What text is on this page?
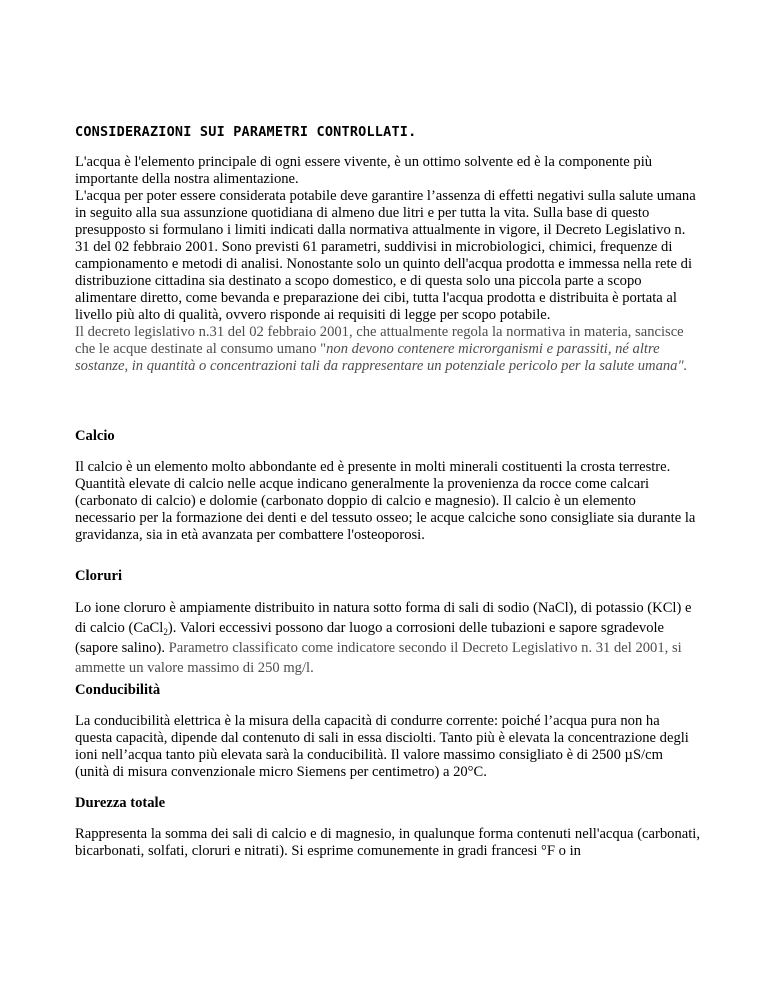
CONSIDERAZIONI SUI PARAMETRI CONTROLLATI.

L'acqua è l'elemento principale di ogni essere vivente, è un ottimo solvente ed è la componente più importante della nostra alimentazione.

L'acqua per poter essere considerata potabile deve garantire l’assenza di effetti negativi sulla salute umana in seguito alla sua assunzione quotidiana di almeno due litri e per tutta la vita. Sulla base di questo presupposto si formulano i limiti indicati dalla normativa attualmente in vigore, il Decreto Legislativo n. 31 del 02 febbraio 2001. Sono previsti 61 parametri, suddivisi in microbiologici, chimici, frequenze di campionamento e metodi di analisi. Nonostante solo un quinto dell'acqua prodotta e immessa nella rete di distribuzione cittadina sia destinato a scopo domestico, e di questa solo una piccola parte a scopo alimentare diretto, come bevanda e preparazione dei cibi, tutta l'acqua prodotta e distribuita è portata al livello più alto di qualità, ovvero risponde ai requisiti di legge per scopo potabile.

Il decreto legislativo n.31 del 02 febbraio 2001, che attualmente regola la normativa in materia, sancisce che le acque destinate al consumo umano "non devono contenere microrganismi e parassiti, né altre sostanze, in quantità o concentrazioni tali da rappresentare un potenziale pericolo per la salute umana".

Calcio

Il calcio è un elemento molto abbondante ed è presente in molti minerali costituenti la crosta terrestre. Quantità elevate di calcio nelle acque indicano generalmente la provenienza da rocce come calcari (carbonato di calcio) e dolomie (carbonato doppio di calcio e magnesio). Il calcio è un elemento necessario per la formazione dei denti e del tessuto osseo; le acque calciche sono consigliate sia durante la gravidanza, sia in età avanzata per combattere l'osteoporosi.

Cloruri

Lo ione cloruro è ampiamente distribuito in natura sotto forma di sali di sodio (NaCl), di potassio (KCl) e di calcio (CaCl$_2$). Valori eccessivi possono dar luogo a corrosioni delle tubazioni e sapore sgradevole (sapore salino). Parametro classificato come indicatore secondo il Decreto Legislativo n. 31 del 2001, si ammette un valore massimo di 250 mg/l.

Conducibilità

La conducibilità elettrica è la misura della capacità di condurre corrente: poiché l’acqua pura non ha questa capacità, dipende dal contenuto di sali in essa disciolti. Tanto più è elevata la concentrazione degli ioni nell’acqua tanto più elevata sarà la conducibilità. Il valore massimo consigliato è di 2500 µS/cm (unità di misura convenzionale micro Siemens per centimetro) a 20°C.

Durezza totale

Rappresenta la somma dei sali di calcio e di magnesio, in qualunque forma contenuti nell'acqua (carbonati, bicarbonati, solfati, cloruri e nitrati). Si esprime comunemente in gradi francesi °F o in
